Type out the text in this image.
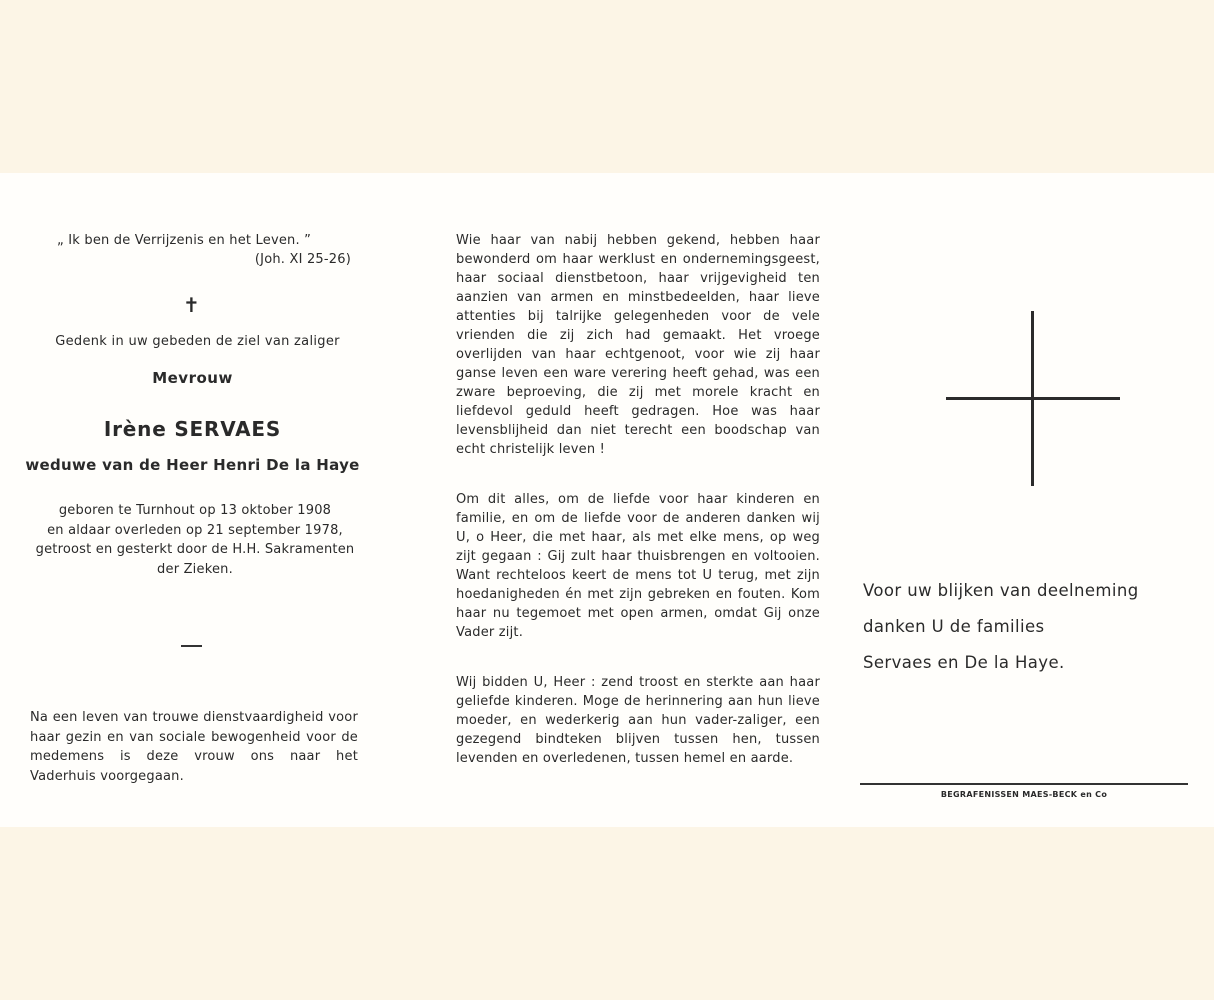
„ Ik ben de Verrijzenis en het Leven. ”
(Joh. XI 25-26)
✝
Gedenk in uw gebeden de ziel van zaliger
Mevrouw
Irène SERVAES
weduwe van de Heer Henri De la Haye
geboren te Turnhout op 13 oktober 1908
en aldaar overleden op 21 september 1978,
getroost en gesterkt door de H.H. Sakramenten
der Zieken.
Na een leven van trouwe dienstvaardigheid voor haar gezin en van sociale bewogenheid voor de medemens is deze vrouw ons naar het Vaderhuis voorgegaan.
Wie haar van nabij hebben gekend, hebben haar bewonderd om haar werklust en ondernemingsgeest, haar sociaal dienstbetoon, haar vrijgevigheid ten aanzien van armen en minstbedeelden, haar lieve attenties bij talrijke gelegenheden voor de vele vrienden die zij zich had gemaakt. Het vroege overlijden van haar echtgenoot, voor wie zij haar ganse leven een ware verering heeft gehad, was een zware beproeving, die zij met morele kracht en liefdevol geduld heeft gedragen. Hoe was haar levensblijheid dan niet terecht een boodschap van echt christelijk leven !
Om dit alles, om de liefde voor haar kinderen en familie, en om de liefde voor de anderen danken wij U, o Heer, die met haar, als met elke mens, op weg zijt gegaan : Gij zult haar thuisbrengen en voltooien. Want rechteloos keert de mens tot U terug, met zijn hoedanigheden én met zijn gebreken en fouten. Kom haar nu tegemoet met open armen, omdat Gij onze Vader zijt.
Wij bidden U, Heer : zend troost en sterkte aan haar geliefde kinderen. Moge de herinnering aan hun lieve moeder, en wederkerig aan hun vader-zaliger, een gezegend bindteken blijven tussen hen, tussen levenden en overledenen, tussen hemel en aarde.
Voor uw blijken van deelneming
danken U de families
Servaes en De la Haye.
BEGRAFENISSEN MAES-BECK en Co
